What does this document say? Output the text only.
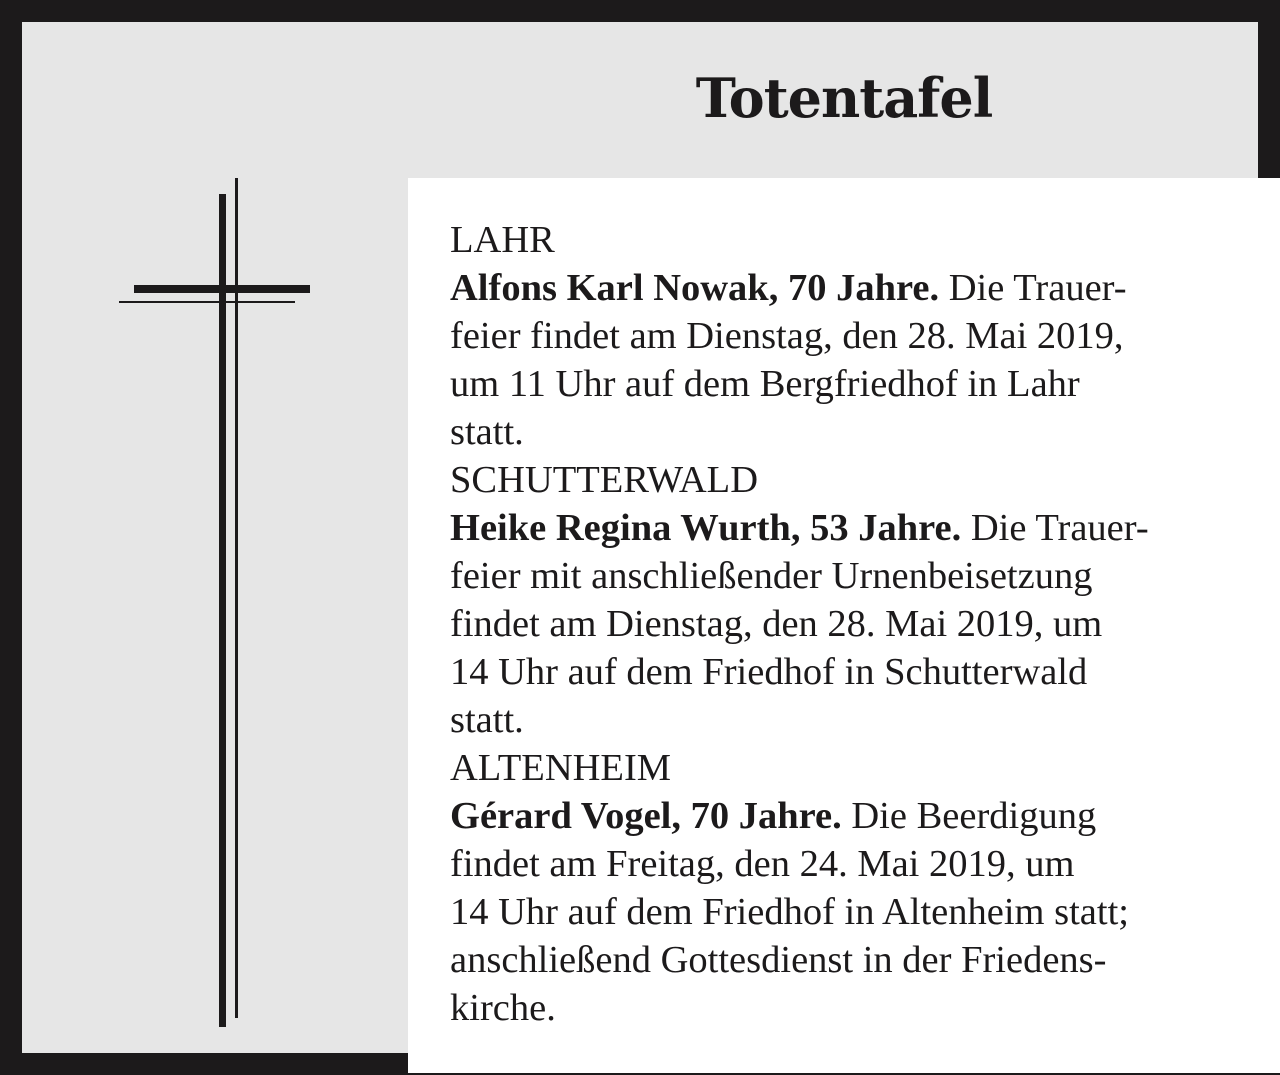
Totentafel
LAHR
Alfons Karl Nowak, 70 Jahre. Die Trauer-
feier findet am Dienstag, den 28. Mai 2019,
um 11 Uhr auf dem Bergfriedhof in Lahr
statt.
SCHUTTERWALD
Heike Regina Wurth, 53 Jahre. Die Trauer-
feier mit anschließender Urnenbeisetzung
findet am Dienstag, den 28. Mai 2019, um
14 Uhr auf dem Friedhof in Schutterwald
statt.
ALTENHEIM
Gérard Vogel, 70 Jahre. Die Beerdigung
findet am Freitag, den 24. Mai 2019, um
14 Uhr auf dem Friedhof in Altenheim statt;
anschließend Gottesdienst in der Friedens-
kirche.
